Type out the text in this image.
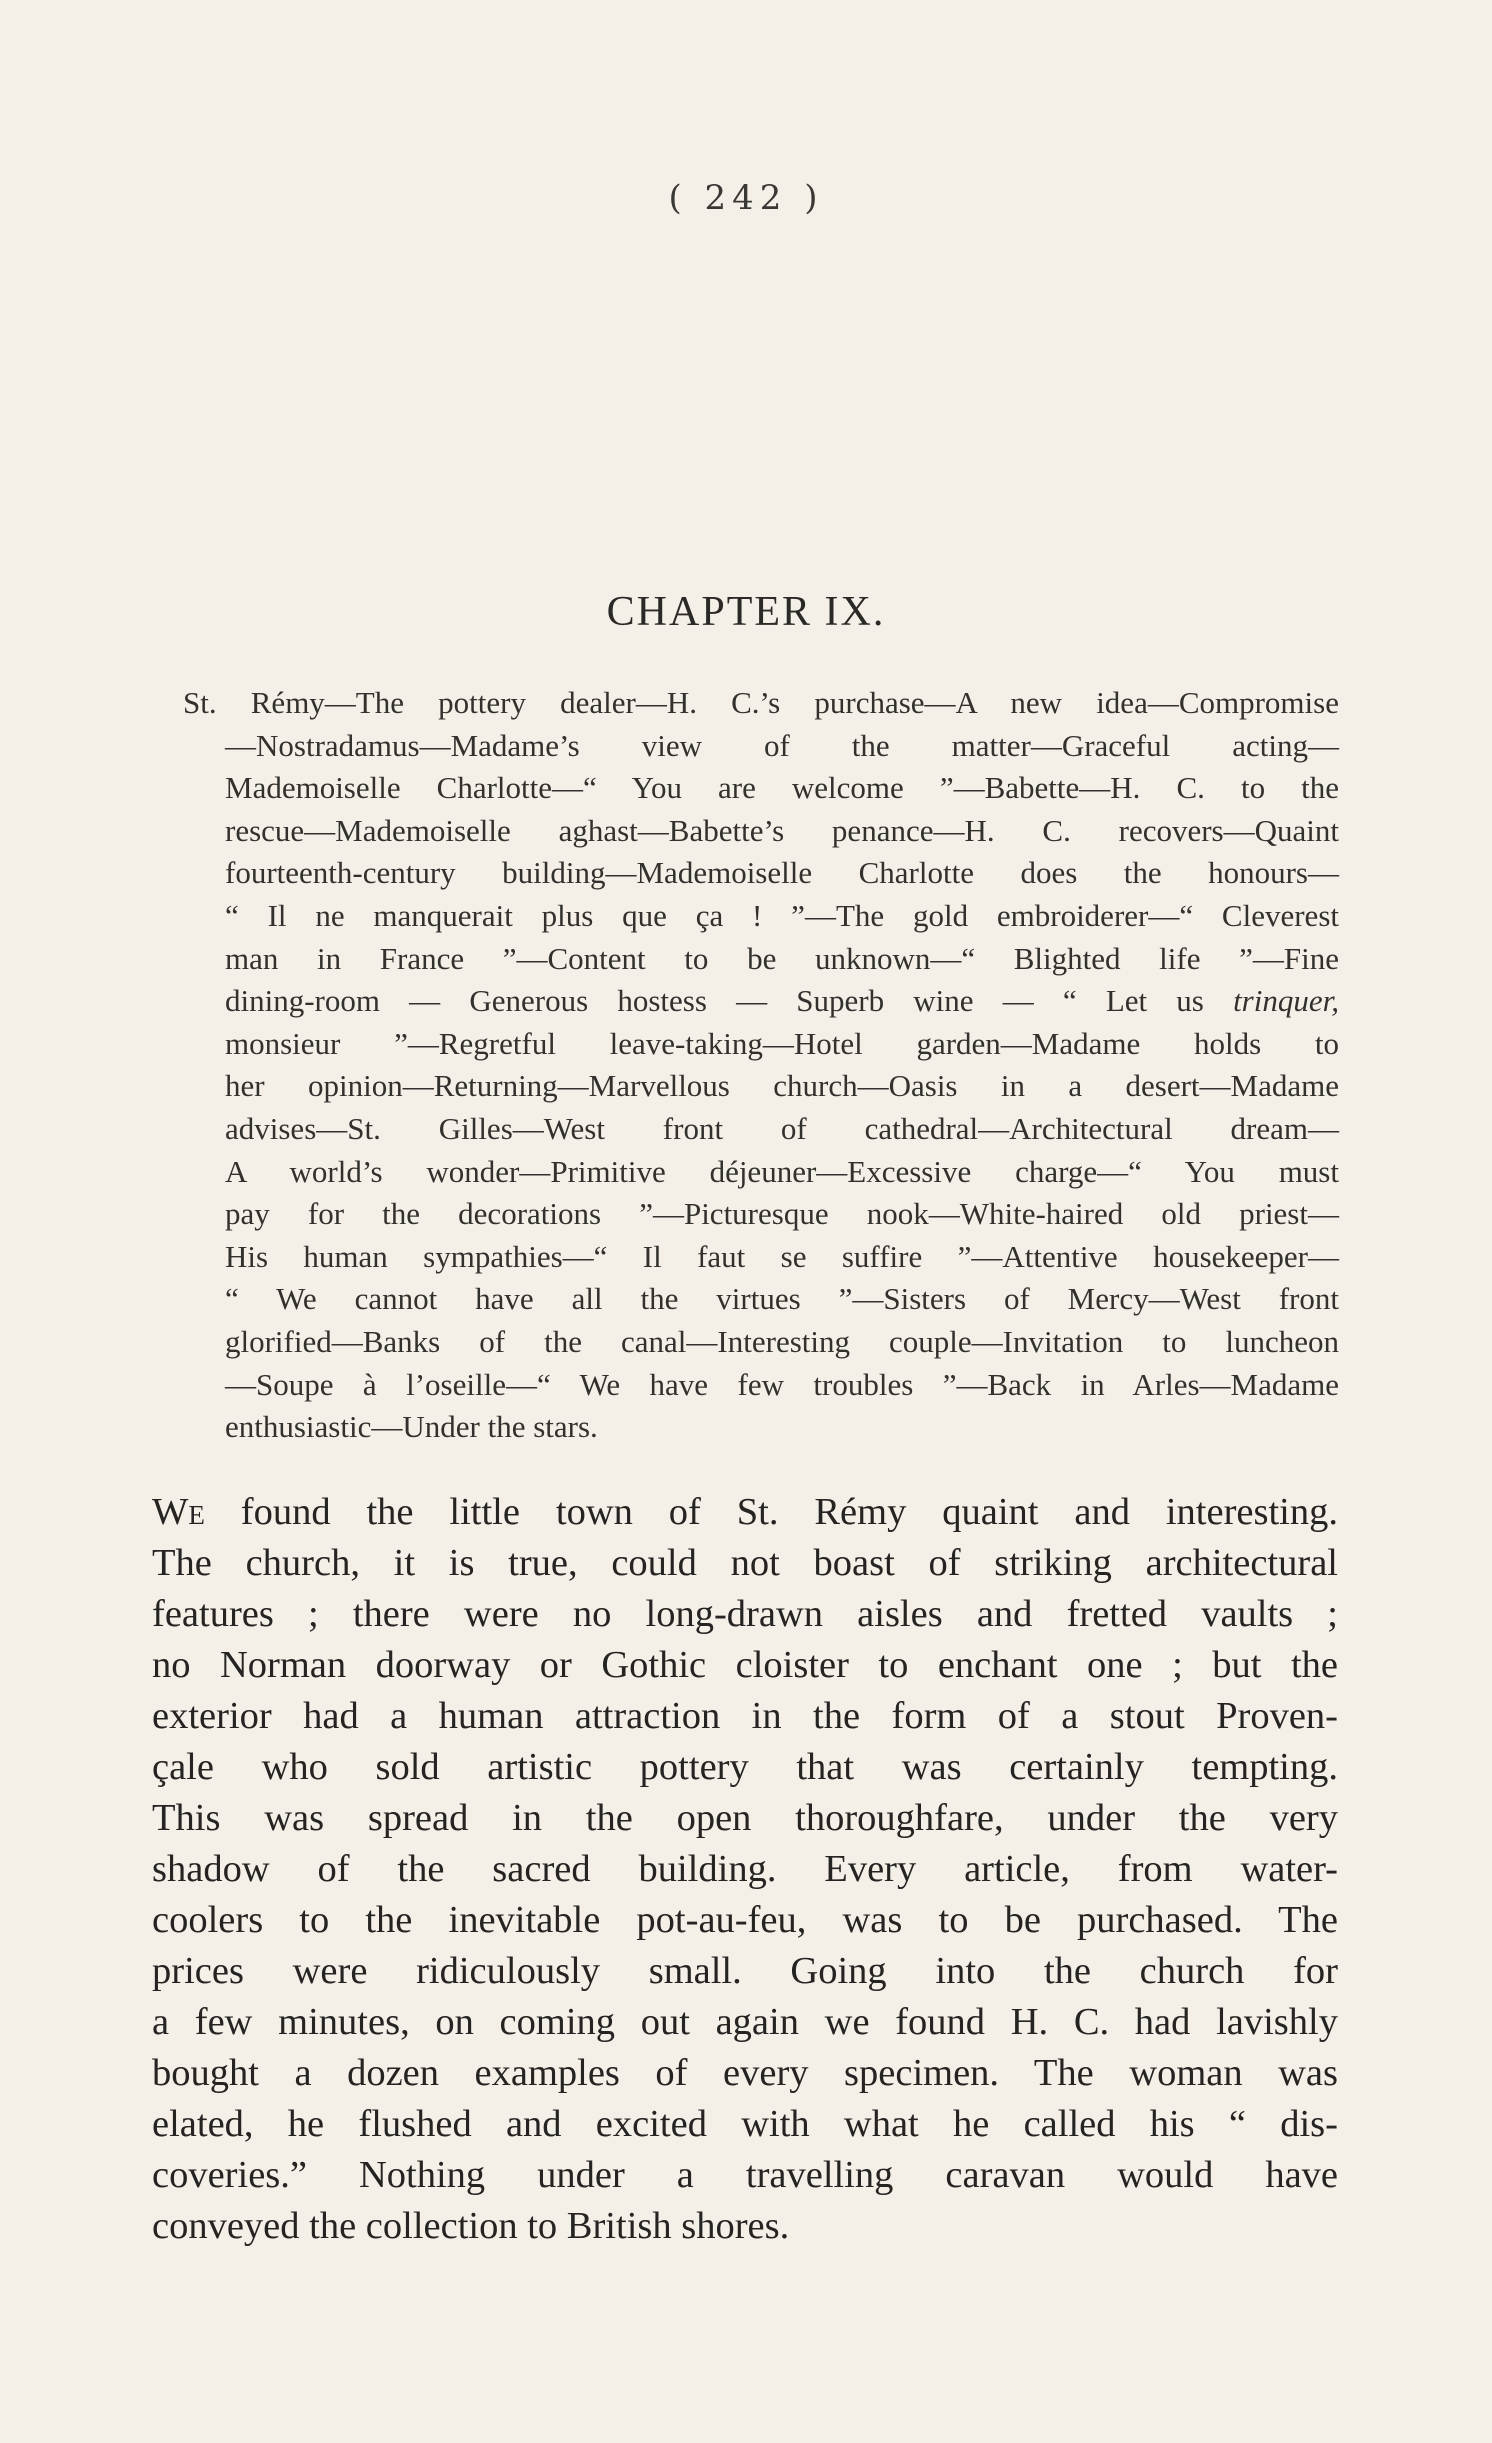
( 242 )
CHAPTER IX.
St. Rémy—The pottery dealer—H. C.’s purchase—A new idea—Compromise
—Nostradamus—Madame’s view of the matter—Graceful acting—
Mademoiselle Charlotte—“ You are welcome ”—Babette—H. C. to the
rescue—Mademoiselle aghast—Babette’s penance—H. C. recovers—Quaint
fourteenth-century building—Mademoiselle Charlotte does the honours—
“ Il ne manquerait plus que ça ! ”—The gold embroiderer—“ Cleverest
man in France ”—Content to be unknown—“ Blighted life ”—Fine
dining-room — Generous hostess — Superb wine — “ Let us trinquer,
monsieur ”—Regretful leave-taking—Hotel garden—Madame holds to
her opinion—Returning—Marvellous church—Oasis in a desert—Madame
advises—St. Gilles—West front of cathedral—Architectural dream—
A world’s wonder—Primitive déjeuner—Excessive charge—“ You must
pay for the decorations ”—Picturesque nook—White-haired old priest—
His human sympathies—“ Il faut se suffire ”—Attentive housekeeper—
“ We cannot have all the virtues ”—Sisters of Mercy—West front
glorified—Banks of the canal—Interesting couple—Invitation to luncheon
—Soupe à l’oseille—“ We have few troubles ”—Back in Arles—Madame
enthusiastic—Under the stars.
We found the little town of St. Rémy quaint and interesting.
The church, it is true, could not boast of striking architectural
features ; there were no long-drawn aisles and fretted vaults ;
no Norman doorway or Gothic cloister to enchant one ; but the
exterior had a human attraction in the form of a stout Proven-
çale who sold artistic pottery that was certainly tempting.
This was spread in the open thoroughfare, under the very
shadow of the sacred building. Every article, from water-
coolers to the inevitable pot-au-feu, was to be purchased. The
prices were ridiculously small. Going into the church for
a few minutes, on coming out again we found H. C. had lavishly
bought a dozen examples of every specimen. The woman was
elated, he flushed and excited with what he called his “ dis-
coveries.” Nothing under a travelling caravan would have
conveyed the collection to British shores.
